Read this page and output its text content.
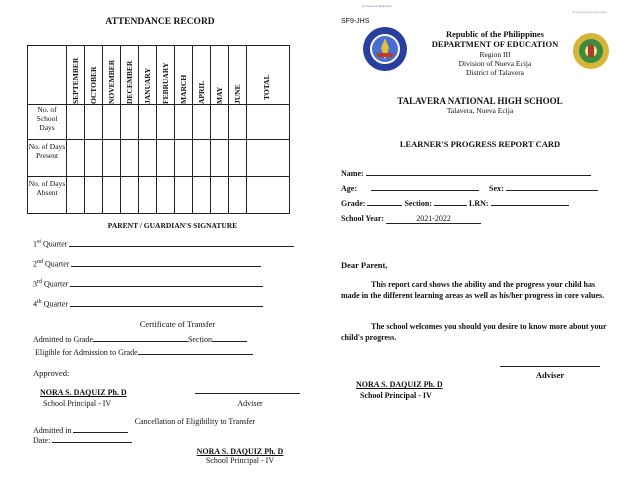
ATTENDANCE RECORD
SEPTEMBER OCTOBER NOVEMBER DECEMBER JANUARY FEBRUARY MARCH APRIL MAY JUNE	TOTAL
No. of School Days
No. of Days Present
No. of Days Absent
PARENT / GUARDIAN'S SIGNATURE
1st Quarter
2nd Quarter
3rd Quarter
4th Quarter
Certificate of Transfer
Admitted to Grade	Section
Eligible for Admission to Grade
Approved:
NORA S. DAQUIZ Ph. D
School Principal - IV	Adviser
Cancellation of Eligibility to Transfer
Admitted in
Date:
NORA S. DAQUIZ Ph. D
School Principal - IV
SF9-JHS
KAGAWARAN NG EDUKASYON
Republic of the Philippines
DEPARTMENT OF EDUCATION
Region III
Division of Nueva Ecija
District of Talavera
TALAVERA NATIONAL HIGH SCHOOL
TALAVERA NATIONAL HIGH SCHOOL
Talavera, Nueva Ecija
LEARNER'S PROGRESS REPORT CARD
Name:
Age:	Sex:
Grade:	Section:	LRN:
School Year:	2021-2022
Dear Parent,
This report card shows the ability and the progress your child has made in the different learning areas as well as his/her progress in core values.
The school welcomes you should you desire to know more about your child's progress.
Adviser
NORA S. DAQUIZ Ph. D
School Principal - IV
